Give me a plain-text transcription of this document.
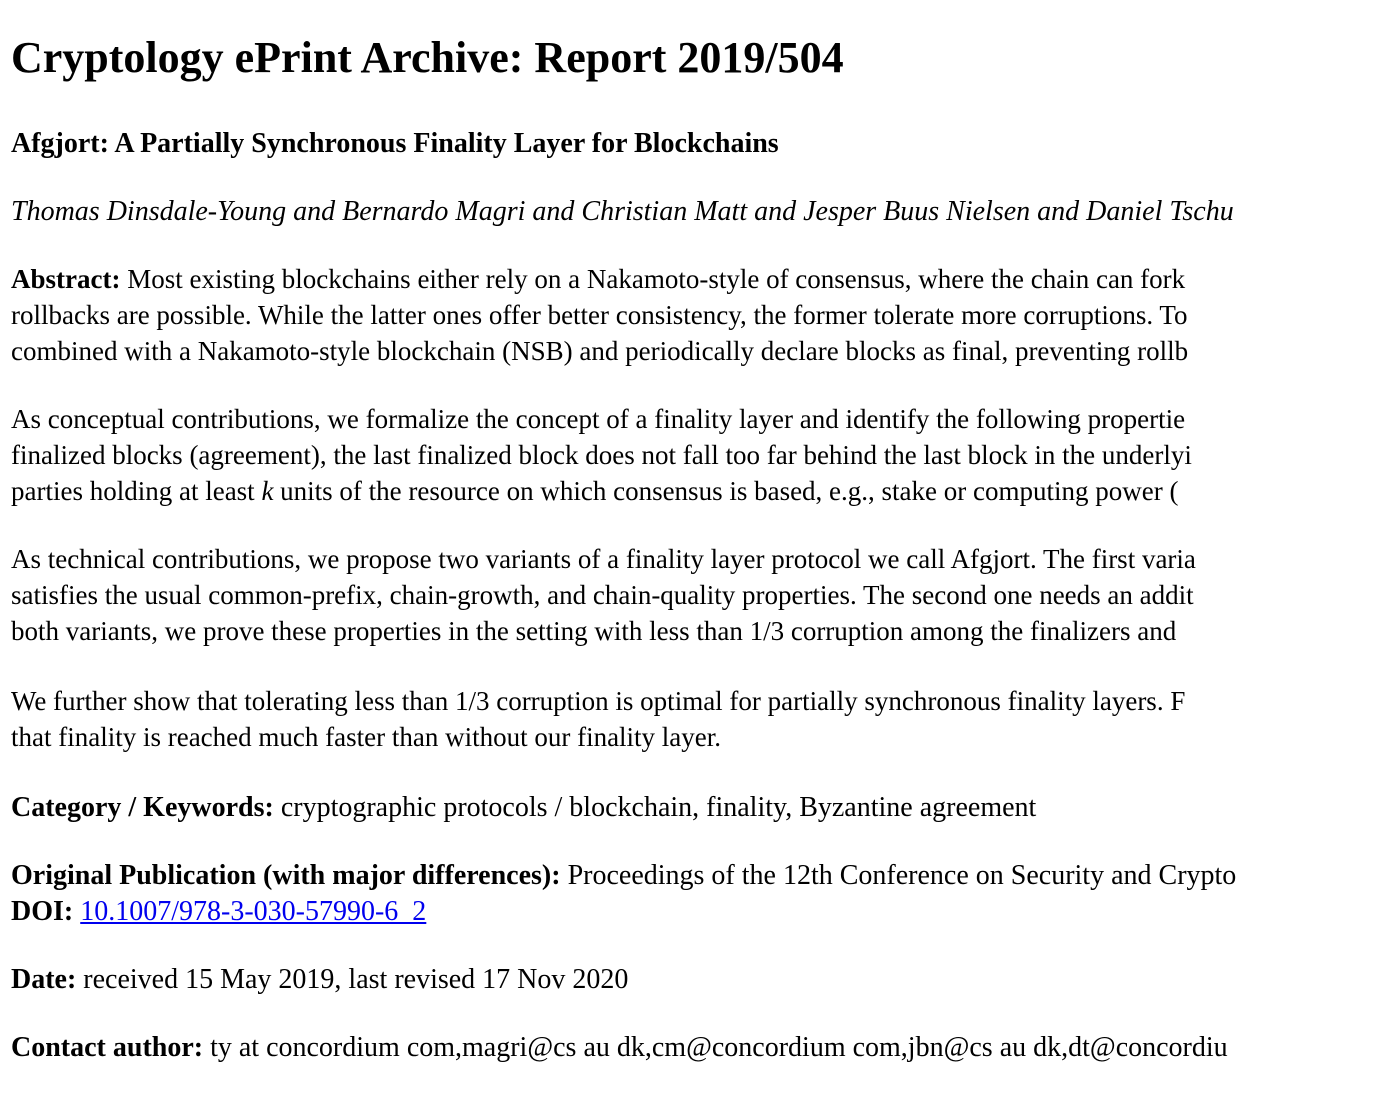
Cryptology ePrint Archive: Report 2019/504
Afgjort: A Partially Synchronous Finality Layer for Blockchains
Thomas Dinsdale-Young and Bernardo Magri and Christian Matt and Jesper Buus Nielsen and Daniel Tschu
Abstract: Most existing blockchains either rely on a Nakamoto-style of consensus, where the chain can fork
rollbacks are possible. While the latter ones offer better consistency, the former tolerate more corruptions. To
combined with a Nakamoto-style blockchain (NSB) and periodically declare blocks as final, preventing rollb
As conceptual contributions, we formalize the concept of a finality layer and identify the following propertie
finalized blocks (agreement), the last finalized block does not fall too far behind the last block in the underlyi
parties holding at least k units of the resource on which consensus is based, e.g., stake or computing power (
As technical contributions, we propose two variants of a finality layer protocol we call Afgjort. The first varia
satisfies the usual common-prefix, chain-growth, and chain-quality properties. The second one needs an addit
both variants, we prove these properties in the setting with less than 1/3 corruption among the finalizers and
We further show that tolerating less than 1/3 corruption is optimal for partially synchronous finality layers. F
that finality is reached much faster than without our finality layer.
Category / Keywords: cryptographic protocols / blockchain, finality, Byzantine agreement
Original Publication (with major differences): Proceedings of the 12th Conference on Security and Crypto
DOI: 10.1007/978-3-030-57990-6_2
Date: received 15 May 2019, last revised 17 Nov 2020
Contact author: ty at concordium com,magri@cs au dk,cm@concordium com,jbn@cs au dk,dt@concordiu
